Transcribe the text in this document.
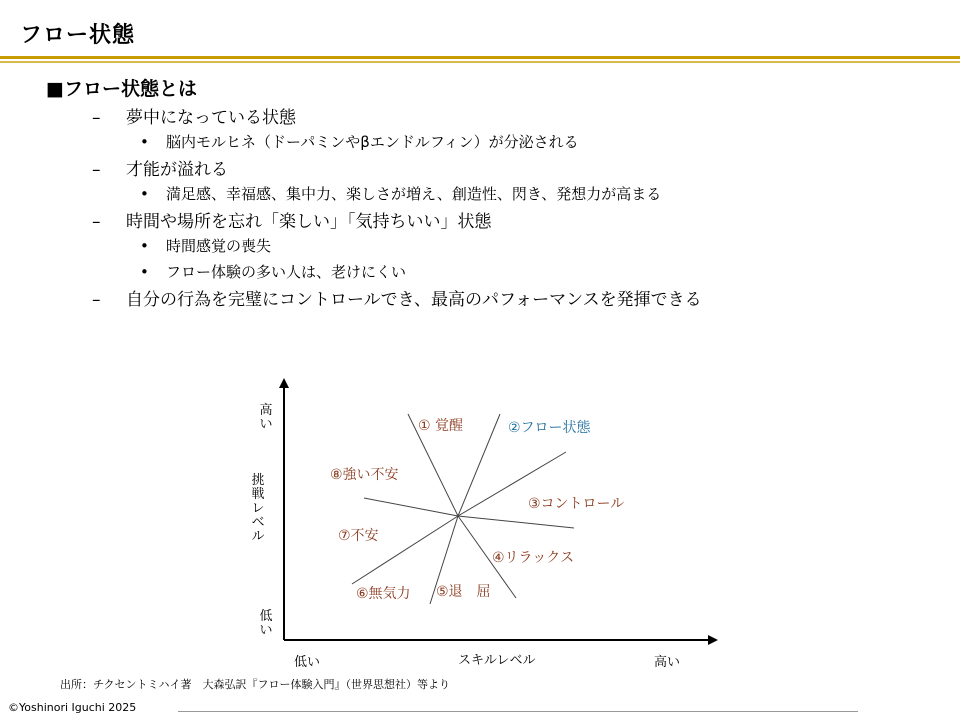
フロー状態
■フロー状態とは
– 夢中になっている状態
• 脳内モルヒネ（ドーパミンやβエンドルフィン）が分泌される
– 才能が溢れる
• 満足感、幸福感、集中力、楽しさが増え、創造性、閃き、発想力が高まる
– 時間や場所を忘れ「楽しい」「気持ちいい」状態
• 時間感覚の喪失
• フロー体験の多い人は、老けにくい
– 自分の行為を完璧にコントロールでき、最高のパフォーマンスを発揮できる
低い	スキルレベル	高い
① 覚醒	②フロー状態
③コントロール
④リラックス
⑤退　屈
⑥無気力
⑦不安
⑧強い不安
高
い
挑
戦
レ
ベ
ル
低
い
出所：チクセントミハイ著　大森弘訳『フロー体験入門』（世界思想社）等より
©Yoshinori Iguchi 2025
